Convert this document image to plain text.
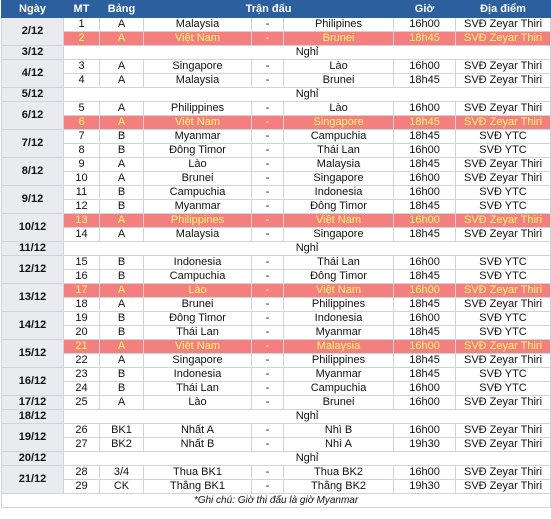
Ngày	MT	Bảng	Trận đấu			Giờ	Địa điểm
2/12	1	A	Malaysia	-	Philipines	16h00	SVĐ Zeyar Thiri
	2	A	Việt Nam	-	Brunei	18h45	SVĐ Zeyar Thiri
3/12	Nghỉ						
4/12	3	A	Singapore	-	Lào	16h00	SVĐ Zeyar Thiri
	4	A	Malaysia	-	Brunei	18h45	SVĐ Zeyar Thiri
5/12	Nghỉ						
6/12	5	A	Philippines	-	Lào	16h00	SVĐ Zeyar Thiri
	6	A	Việt Nam	-	Singapore	18h45	SVĐ Zeyar Thiri
7/12	7	B	Myanmar	-	Campuchia	18h45	SVĐ YTC
	8	B	Đông Timor	-	Thái Lan	16h00	SVĐ YTC
8/12	9	A	Lào	-	Malaysia	18h45	SVĐ Zeyar Thiri
	10	A	Brunei	-	Singapore	16h00	SVĐ Zeyar Thiri
9/12	11	B	Campuchia	-	Indonesia	16h00	SVĐ YTC
	12	B	Myanmar	-	Đông Timor	18h45	SVĐ YTC
10/12	13	A	Philippines	-	Việt Nam	16h00	SVĐ Zeyar Thiri
	14	A	Malaysia	-	Singapore	18h45	SVĐ Zeyar Thiri
11/12	Nghỉ						
12/12	15	B	Indonesia	-	Thái Lan	16h00	SVĐ YTC
	16	B	Campuchia	-	Đông Timor	18h45	SVĐ YTC
13/12	17	A	Lào	-	Việt Nam	16h00	SVĐ Zeyar Thiri
	18	A	Brunei	-	Philippines	18h45	SVĐ Zeyar Thiri
14/12	19	B	Đông Timor	-	Indonesia	16h00	SVĐ YTC
	20	B	Thái Lan	-	Myanmar	18h45	SVĐ YTC
15/12	21	A	Việt Nam	-	Malaysia	16h00	SVĐ Zeyar Thiri
	22	A	Singapore	-	Philippines	18h45	SVĐ Zeyar Thiri
16/12	23	B	Indonesia	-	Myanmar	18h45	SVĐ YTC
	24	B	Thái Lan	-	Campuchia	16h00	SVĐ YTC
17/12	25	A	Lào	-	Brunei	16h00	SVĐ Zeyar Thiri
18/12	Nghỉ						
19/12	26	BK1	Nhất A	-	Nhì B	16h00	SVĐ Zeyar Thiri
	27	BK2	Nhất B	-	Nhì A	19h30	SVĐ Zeyar Thiri
20/12	Nghỉ						
21/12	28	3/4	Thua BK1	-	Thua BK2	16h00	SVĐ Zeyar Thiri
	29	CK	Thắng BK1	-	Thắng BK2	19h30	SVĐ Zeyar Thiri
*Ghi chú: Giờ thi đấu là giờ Myanmar							
